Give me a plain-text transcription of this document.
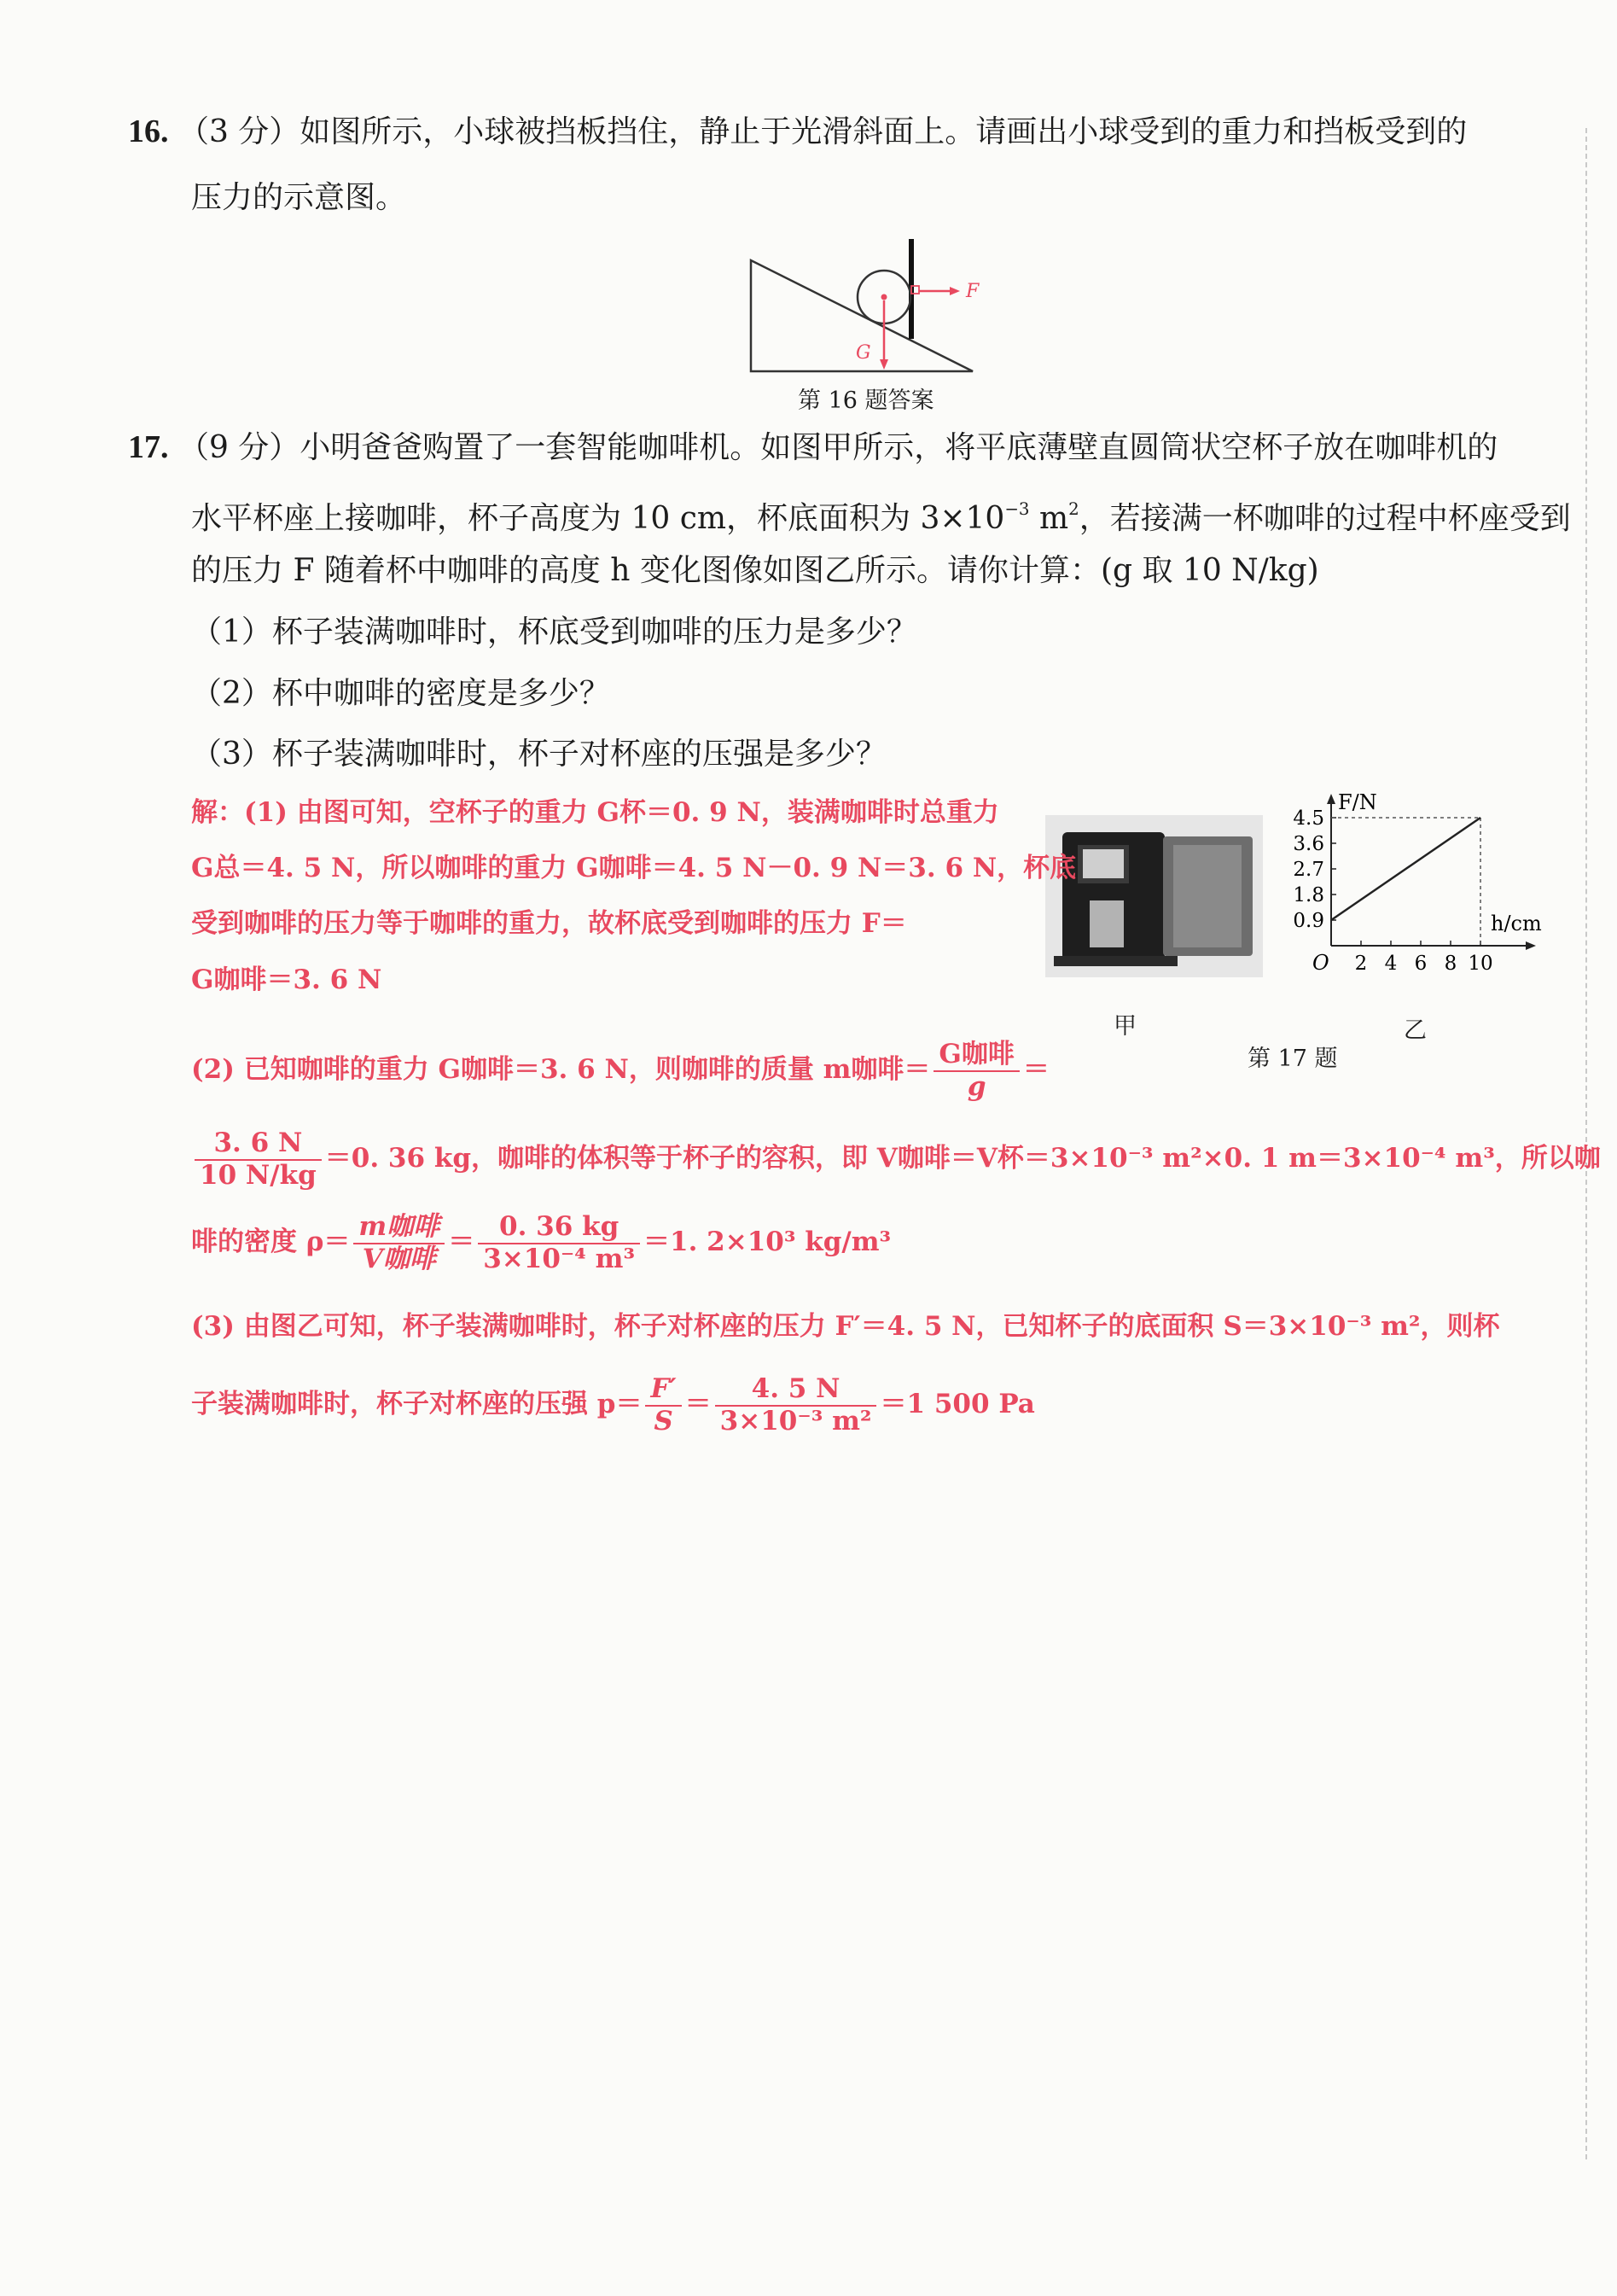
16. （3 分）如图所示，小球被挡板挡住，静止于光滑斜面上。请画出小球受到的重力和挡板受到的
压力的示意图。
F
G
第 16 题答案
17. （9 分）小明爸爸购置了一套智能咖啡机。如图甲所示，将平底薄壁直圆筒状空杯子放在咖啡机的
水平杯座上接咖啡，杯子高度为 10 cm，杯底面积为 $3\times 10^{-3}$ $m^2$，若接满一杯咖啡的过程中杯座受到
的压力 F 随着杯中咖啡的高度 h 变化图像如图乙所示。请你计算：(g 取 10 N/kg)
（1）杯子装满咖啡时，杯底受到咖啡的压力是多少？
（2）杯中咖啡的密度是多少？
（3）杯子装满咖啡时，杯子对杯座的压强是多少？
甲
F/N
h/cm
O
0.9
1.8
2.7
3.6
4.5
2 4 6 8 10
乙
第 17 题
解：(1) 由图可知，空杯子的重力 G杯＝0. 9 N，装满咖啡时总重力
G总＝4. 5 N，所以咖啡的重力 G咖啡＝4. 5 N－0. 9 N＝3. 6 N，杯底
受到咖啡的压力等于咖啡的重力，故杯底受到咖啡的压力 F＝
G咖啡＝3. 6 N
(2) 已知咖啡的重力 G咖啡＝3. 6 N，则咖啡的质量 m咖啡＝ $\frac{\text{G咖啡}}{g}$ ＝
$\frac{3. 6 N}{10 N/kg} =0$. 36 kg，咖啡的体积等于杯子的容积，即 V咖啡＝V杯＝3×10⁻³ m²×0. 1 m＝3×10⁻⁴ m³，所以咖
啡的密度 $\rho= \frac{\text{m咖啡}}{\text{V咖啡}} = \frac{0. 36 kg}{\text{3×10⁻⁴ m³}} =1$. 2×10³ kg/m³
(3) 由图乙可知，杯子装满咖啡时，杯子对杯座的压力 F′＝4. 5 N，已知杯子的底面积 S＝3×10⁻³ m²，则杯
子装满咖啡时，杯子对杯座的压强 $p= \frac{F'}{S} = \frac{4. 5 N}{\text{3×10⁻³ m²}} =1$ 500 Pa
